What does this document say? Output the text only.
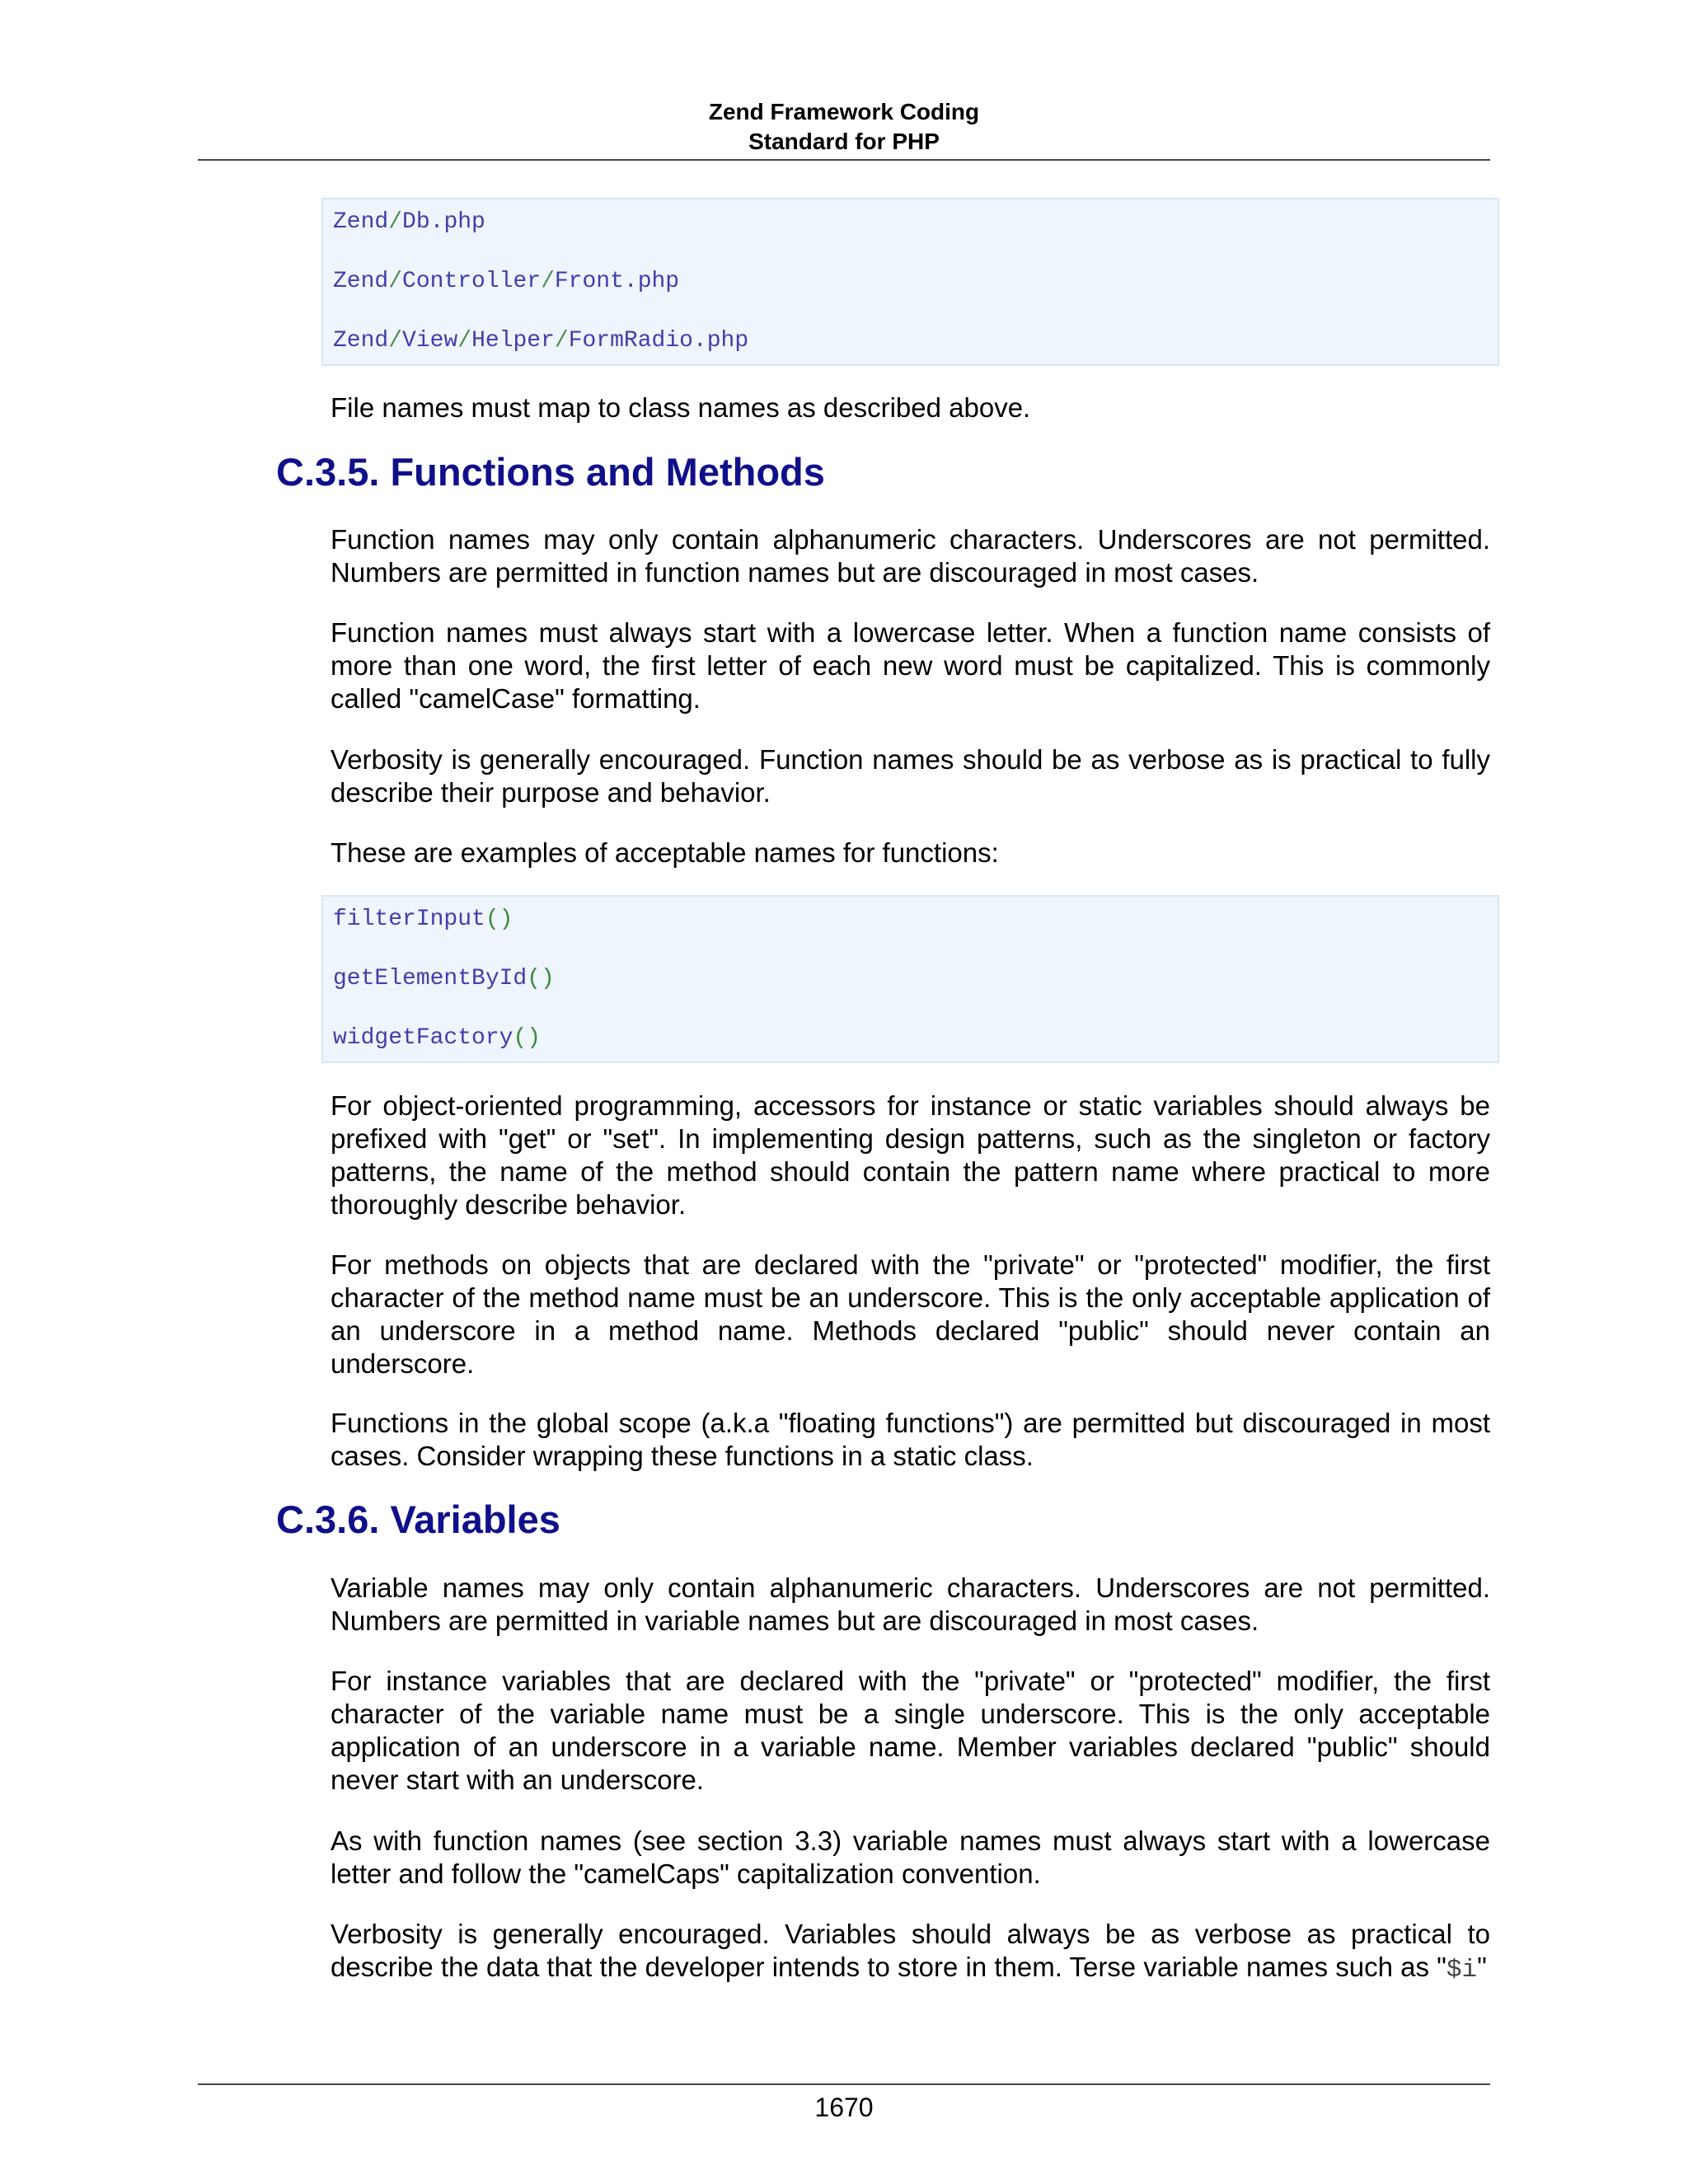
Zend Framework Coding
Standard for PHP
Zend/Db.php
Zend/Controller/Front.php
Zend/View/Helper/FormRadio.php

File names must map to class names as described above.

C.3.5. Functions and Methods

Function names may only contain alphanumeric characters. Underscores are not permitted. Numbers are permitted in function names but are discouraged in most cases.

Function names must always start with a lowercase letter. When a function name consists of more than one word, the first letter of each new word must be capitalized. This is commonly called "camelCase" formatting.

Verbosity is generally encouraged. Function names should be as verbose as is practical to fully describe their purpose and behavior.

These are examples of acceptable names for functions:

filterInput()
getElementById()
widgetFactory()

For object-oriented programming, accessors for instance or static variables should always be prefixed with "get" or "set". In implementing design patterns, such as the singleton or factory patterns, the name of the method should contain the pattern name where practical to more thoroughly describe behavior.

For methods on objects that are declared with the "private" or "protected" modifier, the first character of the method name must be an underscore. This is the only acceptable application of an underscore in a method name. Methods declared "public" should never contain an underscore.

Functions in the global scope (a.k.a "floating functions") are permitted but discouraged in most cases. Consider wrapping these functions in a static class.

C.3.6. Variables

Variable names may only contain alphanumeric characters. Underscores are not permitted. Numbers are permitted in variable names but are discouraged in most cases.

For instance variables that are declared with the "private" or "protected" modifier, the first character of the variable name must be a single underscore. This is the only acceptable application of an underscore in a variable name. Member variables declared "public" should never start with an underscore.

As with function names (see section 3.3) variable names must always start with a lowercase letter and follow the "camelCaps" capitalization convention.

Verbosity is generally encouraged. Variables should always be as verbose as practical to describe the data that the developer intends to store in them. Terse variable names such as "$i"

1670
